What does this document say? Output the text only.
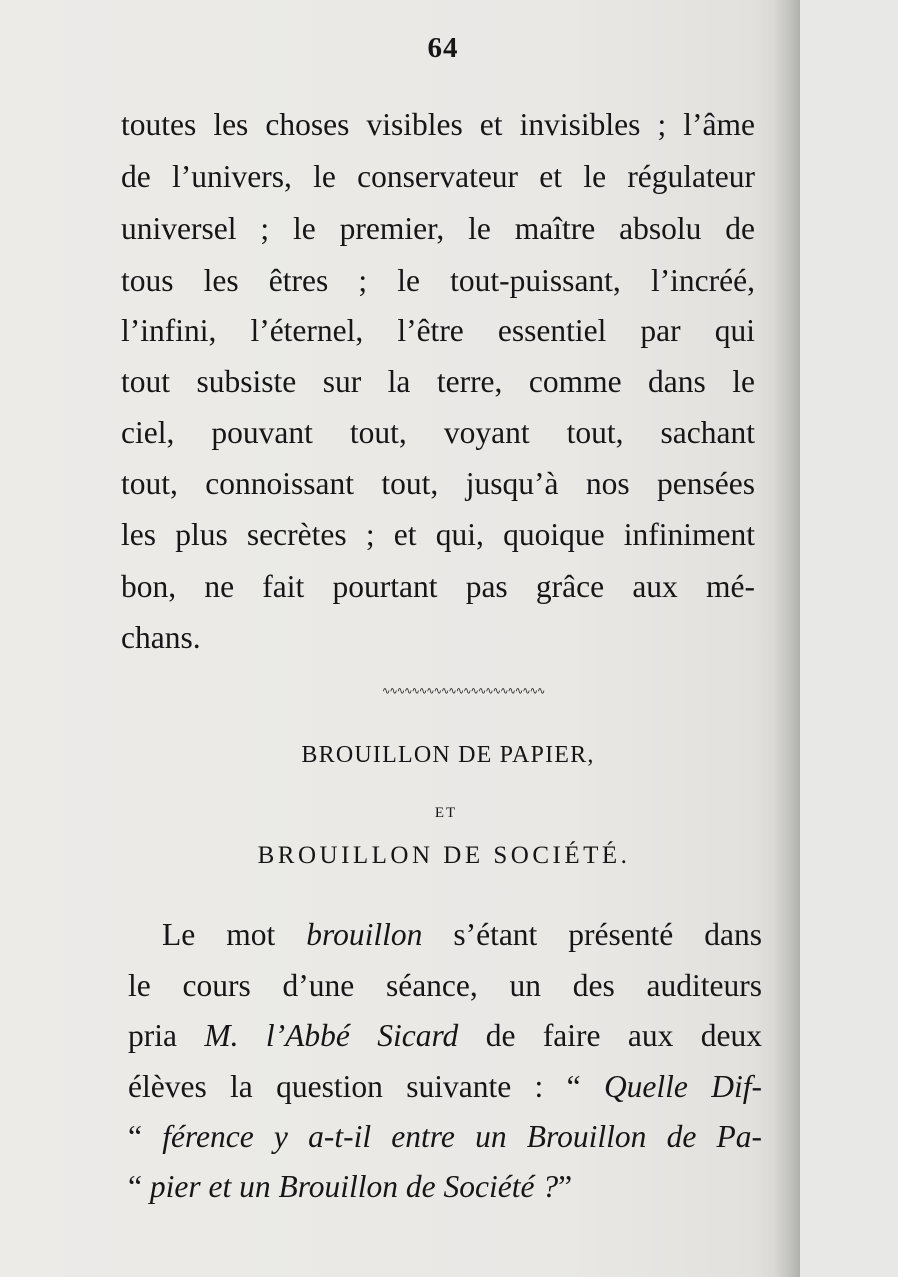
64
toutes les choses visibles et invisibles ; l’âme
de l’univers, le conservateur et le régulateur
universel ; le premier, le maître absolu de
tous les êtres ; le tout-puissant, l’incréé,
l’infini, l’éternel, l’être essentiel par qui
tout subsiste sur la terre, comme dans le
ciel, pouvant tout, voyant tout, sachant
tout, connoissant tout, jusqu’à nos pensées
les plus secrètes ; et qui, quoique infiniment
bon, ne fait pourtant pas grâce aux mé-
chans.
∿∿∿∿∿∿∿∿∿∿∿∿∿∿∿∿∿∿∿∿∿∿
BROUILLON DE PAPIER,
ET
BROUILLON DE SOCIÉTÉ.
Le mot brouillon s’étant présenté dans
le cours d’une séance, un des auditeurs
pria M. l’Abbé Sicard de faire aux deux
élèves la question suivante : “ Quelle Dif-
“ férence y a-t-il entre un Brouillon de Pa-
“ pier et un Brouillon de Société ?”
